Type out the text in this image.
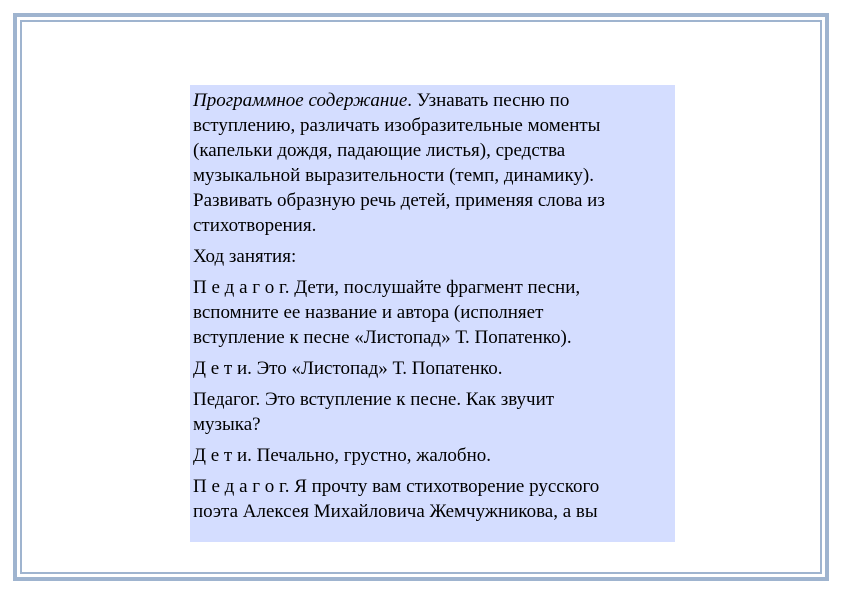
Программное содержание. Узнавать песню по
вступлению, различать изобразительные моменты
(капельки дождя, падающие листья), средства
музыкальной выразительности (темп, динамику).
Развивать образную речь детей, применяя слова из
стихотворения.

Ход занятия:

П е д а г о г. Дети, послушайте фрагмент песни,
вспомните ее название и автора (исполняет
вступление к песне «Листопад» Т. Попатенко).

Д е т и. Это «Листопад» Т. Попатенко.

Педагог. Это вступление к песне. Как звучит
музыка?

Д е т и. Печально, грустно, жалобно.

П е д а г о г. Я прочту вам стихотворение русского
поэта Алексея Михайловича Жемчужникова, а вы
